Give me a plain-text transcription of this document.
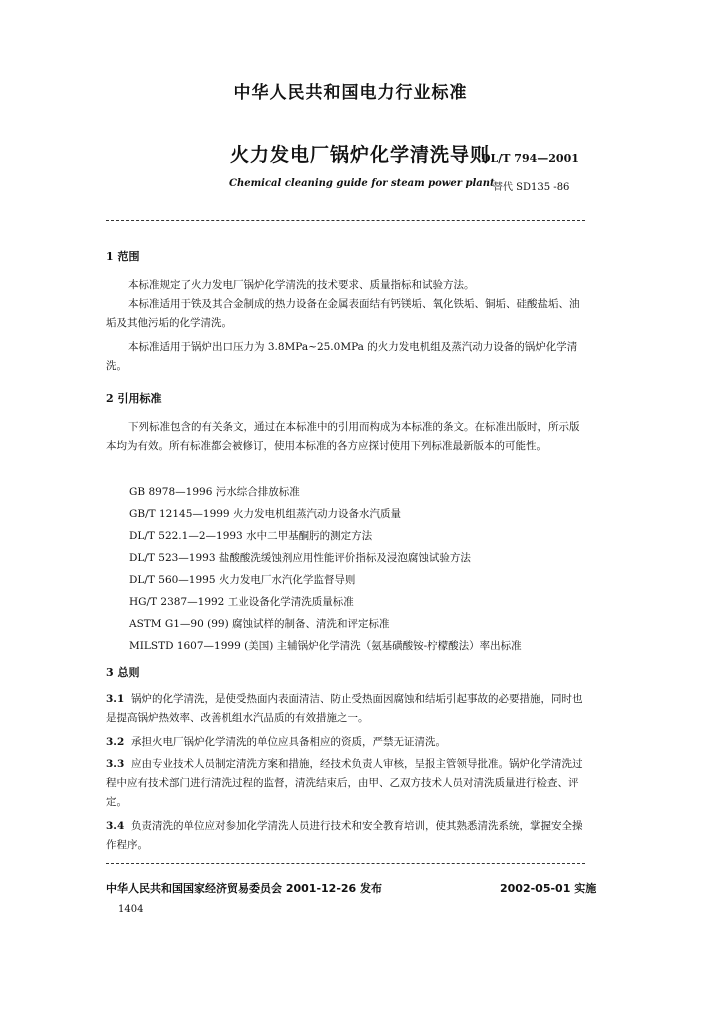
中华人民共和国电力行业标准
火力发电厂锅炉化学清洗导则
DL/T 794—2001
Chemical cleaning guide for steam power plant
替代 SD135 -86
1 范围
本标准规定了火力发电厂锅炉化学清洗的技术要求、质量指标和试验方法。
本标准适用于铁及其合金制成的热力设备在金属表面结有钙镁垢、氧化铁垢、铜垢、硅酸盐垢、油垢及其他污垢的化学清洗。
本标准适用于锅炉出口压力为 3.8MPa~25.0MPa 的火力发电机组及蒸汽动力设备的锅炉化学清洗。
2 引用标准
下列标准包含的有关条文，通过在本标准中的引用而构成为本标准的条文。在标准出版时，所示版本均为有效。所有标准都会被修订，使用本标准的各方应探讨使用下列标准最新版本的可能性。
GB 8978—1996 污水综合排放标准
GB/T 12145—1999 火力发电机组蒸汽动力设备水汽质量
DL/T 522.1—2—1993 水中二甲基酮肟的测定方法
DL/T 523—1993 盐酸酸洗缓蚀剂应用性能评价指标及浸泡腐蚀试验方法
DL/T 560—1995 火力发电厂水汽化学监督导则
HG/T 2387—1992 工业设备化学清洗质量标准
ASTM G1—90 (99) 腐蚀试样的制备、清洗和评定标准
MILSTD 1607—1999 (美国) 主辅锅炉化学清洗（氨基磺酸铵-柠檬酸法）率出标准
3 总则
3.1 锅炉的化学清洗，是使受热面内表面清洁、防止受热面因腐蚀和结垢引起事故的必要措施，同时也是提高锅炉热效率、改善机组水汽品质的有效措施之一。
3.2 承担火电厂锅炉化学清洗的单位应具备相应的资质，严禁无证清洗。
3.3 应由专业技术人员制定清洗方案和措施，经技术负责人审核，呈报主管领导批准。锅炉化学清洗过程中应有技术部门进行清洗过程的监督，清洗结束后，由甲、乙双方技术人员对清洗质量进行检查、评定。
3.4 负责清洗的单位应对参加化学清洗人员进行技术和安全教育培训，使其熟悉清洗系统，掌握安全操作程序。
中华人民共和国国家经济贸易委员会 2001-12-26 发布	2002-05-01 实施
1404
